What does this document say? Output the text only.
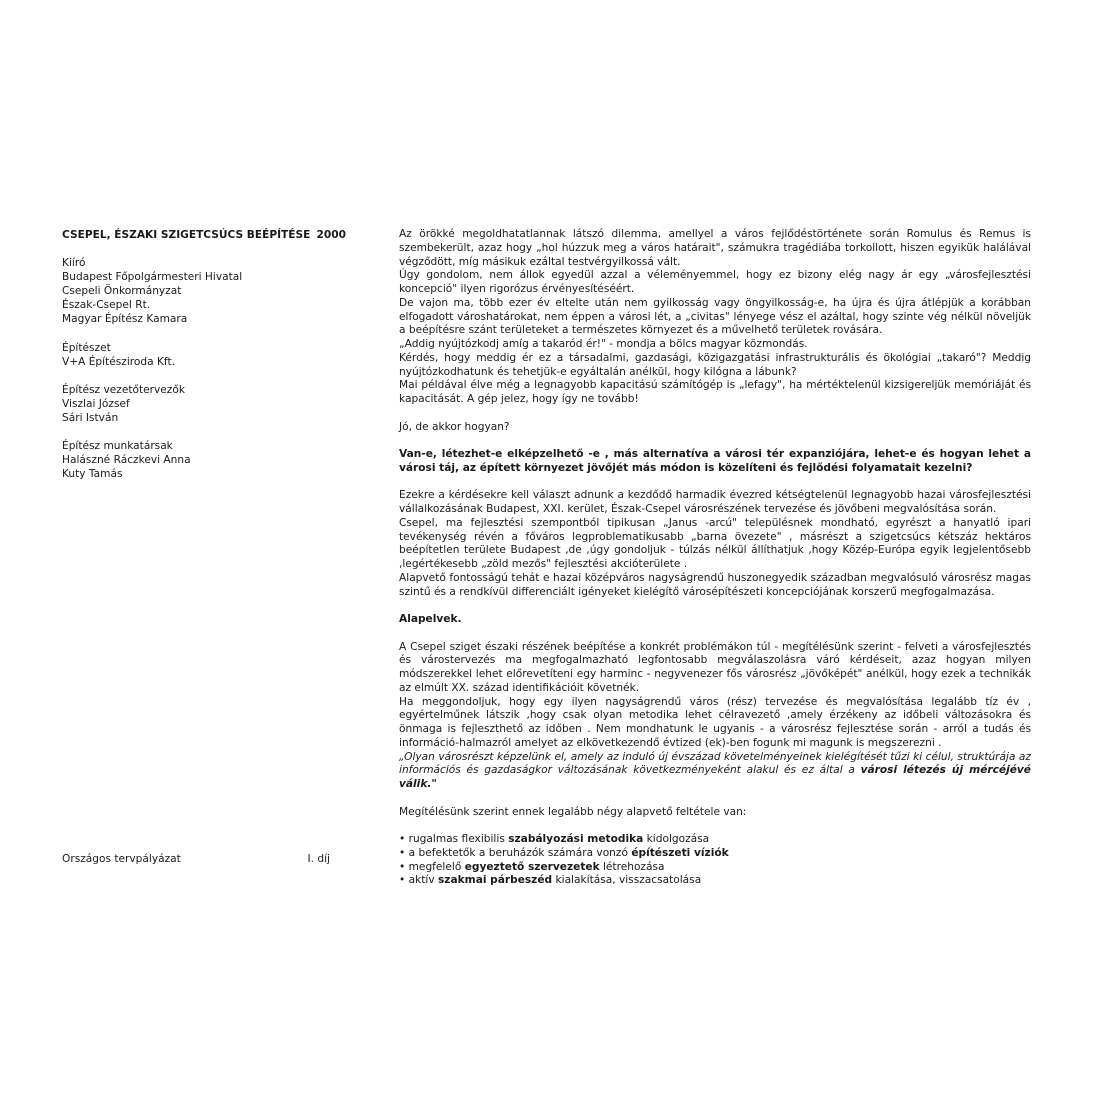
CSEPEL, ÉSZAKI SZIGETCSÚCS BEÉPÍTÉSE 2000
Kiíró
Budapest Főpolgármesteri Hivatal
Csepeli Önkormányzat
Észak-Csepel Rt.
Magyar Építész Kamara
Építészet
V+A Építésziroda Kft.
Építész vezetőtervezők
Viszlai József
Sári István
Építész munkatársak
Halászné Ráczkevi Anna
Kuty Tamás
Országos tervpályázat	I. díj

Az örökké megoldhatatlannak látszó dilemma, amellyel a város fejlődéstörténete során Romulus és Remus is szembekerült, azaz hogy „hol húzzuk meg a város határait", számukra tragédiába torkollott, hiszen egyikük halálával végződött, míg másikuk ezáltal testvérgyilkossá vált.

Úgy gondolom, nem állok egyedül azzal a véleményemmel, hogy ez bizony elég nagy ár egy „városfejlesztési koncepció" ilyen rigorózus érvényesítéséért.

De vajon ma, több ezer év eltelte után nem gyilkosság vagy öngyilkosság-e, ha újra és újra átlépjük a korábban elfogadott városhatárokat, nem éppen a városi lét, a „civitas" lényege vész el azáltal, hogy szinte vég nélkül növeljük a beépítésre szánt területeket a természetes környezet és a művelhető területek rovására.

„Addig nyújtózkodj amíg a takaród ér!" - mondja a bölcs magyar közmondás.

Kérdés, hogy meddig ér ez a társadalmi, gazdasági, közigazgatási infrastrukturális és ökológiai „takaró"? Meddig nyújtózkodhatunk és tehetjük-e egyáltalán anélkül, hogy kilógna a lábunk?

Mai példával élve még a legnagyobb kapacitású számítógép is „lefagy", ha mértéktelenül kizsigereljük memóriáját és kapacitását. A gép jelez, hogy így ne tovább!

Jó, de akkor hogyan?

Van-e, létezhet-e elképzelhető -e , más alternatíva a városi tér expanziójára, lehet-e és hogyan lehet a városi táj, az épített környezet jövőjét más módon is közelíteni és fejlődési folyamatait kezelni?

Ezekre a kérdésekre kell választ adnunk a kezdődő harmadik évezred kétségtelenül legnagyobb hazai városfejlesztési vállalkozásának Budapest, XXI. kerület, Észak-Csepel városrészének tervezése és jövőbeni megvalósítása során.

Csepel, ma fejlesztési szempontból tipikusan „Janus -arcú" településnek mondható, egyrészt a hanyatló ipari tevékenység révén a főváros legproblematikusabb „barna övezete" , másrészt a szigetcsúcs kétszáz hektáros beépítetlen területe Budapest ,de ,úgy gondoljuk - túlzás nélkül állíthatjuk ,hogy Közép-Európa egyik legjelentősebb ,legértékesebb „zöld mezős" fejlesztési akcióterülete .

Alapvető fontosságú tehát e hazai középváros nagyságrendű huszonegyedik században megvalósuló városrész magas szintű és a rendkívül differenciált igényeket kielégítő városépítészeti koncepciójának korszerű megfogalmazása.

Alapelvek.

A Csepel sziget északi részének beépítése a konkrét problémákon túl - megítélésünk szerint - felveti a városfejlesztés és várostervezés ma megfogalmazható legfontosabb megválaszolásra váró kérdéseit, azaz hogyan milyen módszerekkel lehet előrevetíteni egy harminc - negyvenezer fős városrész „jövőképét" anélkül, hogy ezek a technikák az elmúlt XX. század identifikációit követnék.

Ha meggondoljuk, hogy egy ilyen nagyságrendű város (rész) tervezése és megvalósítása legalább tíz év , egyértelműnek látszik ,hogy csak olyan metodika lehet célravezető ,amely érzékeny az időbeli változásokra és önmaga is fejleszthető az időben . Nem mondhatunk le ugyanis - a városrész fejlesztése során - arról a tudás és információ-halmazról amelyet az elkövetkezendő évtized (ek)-ben fogunk mi magunk is megszerezni .

„Olyan városrészt képzelünk el, amely az induló új évszázad követelményeinek kielégítését tűzi ki célul, struktúrája az információs és gazdaságkor változásának következményeként alakul és ez által a városi létezés új mércéjévé válik."

Megítélésünk szerint ennek legalább négy alapvető feltétele van:

• rugalmas flexibilis szabályozási metodika kidolgozása
• a befektetők a beruházók számára vonzó építészeti víziók
• megfelelő egyeztető szervezetek létrehozása
• aktív szakmai párbeszéd kialakítása, visszacsatolása
